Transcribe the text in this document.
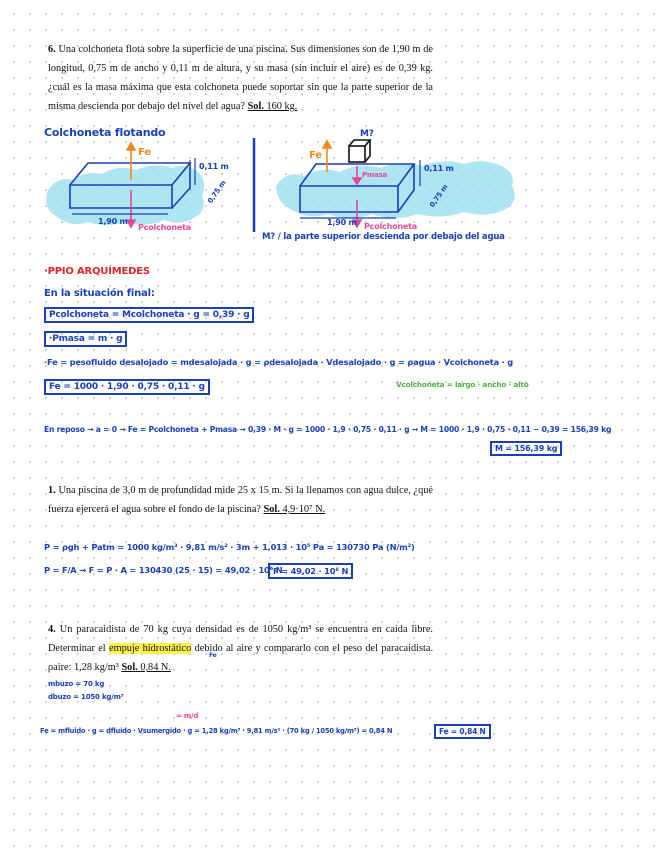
6. Una colchoneta flota sobre la superficie de una piscina. Sus dimensiones son de 1,90 m de longitud, 0,75 m de ancho y 0,11 m de altura, y su masa (sin incluir el aire) es de 0,39 kg. ¿cuál es la masa máxima que esta colchoneta puede soportar sin que la parte superior de la misma descienda por debajo del nivel del agua? Sol. 160 kg.
Colchoneta flotando
Fe
0,11 m
0,75 m
1,90 m
Pcolchoneta
M?
Fe
Pmasa
0,11 m
0,75 m
1,90 m Pcolchoneta
M? / la parte superior descienda por debajo del agua
·PPIO ARQUÍMEDES
En la situación final:
Pcolchoneta = Mcolchoneta · g = 0,39 · g
·Pmasa = m · g
·Fe = pesofluido desalojado = mdesalojada · g = ρdesalojada · Vdesalojado · g = ρagua · Vcolchoneta · g
Vcolchoneta = largo · ancho · alto
Fe = 1000 · 1,90 · 0,75 · 0,11 · g
En reposo → a = 0 → Fe = Pcolchoneta + Pmasa → 0,39 · M · g = 1000 · 1,9 · 0,75 · 0,11 · g → M = 1000 · 1,9 · 0,75 · 0,11 − 0,39 = 156,39 kg
M = 156,39 kg
1. Una piscina de 3,0 m de profundidad mide 25 x 15 m. Si la llenamos con agua dulce, ¿qué fuerza ejercerá el agua sobre el fondo de la piscina? Sol. 4,9·10⁷ N.
P = ρgh + Patm = 1000 kg/m³ · 9,81 m/s² · 3m + 1,013 · 10⁵ Pa = 130730 Pa (N/m²)
P = F/A → F = P · A = 130430 (25 · 15) = 49,02 · 10⁶ N
F = 49,02 · 10⁶ N
4. Un paracaidista de 70 kg cuya densidad es de 1050 kg/m³ se encuentra en caída libre. Determinar el empuje hidrostático debido al aire y compararlo con el peso del paracaidista. ρaire: 1,28 kg/m³ Sol. 0,84 N.
Fe
mbuzo = 70 kg
dbuzo = 1050 kg/m³
= m/d
Fe = mfluido · g = dfluido · Vsumergido · g = 1,28 kg/m³ · 9,81 m/s² · (70 kg / 1050 kg/m³) = 0,84 N	Fe = 0,84 N
